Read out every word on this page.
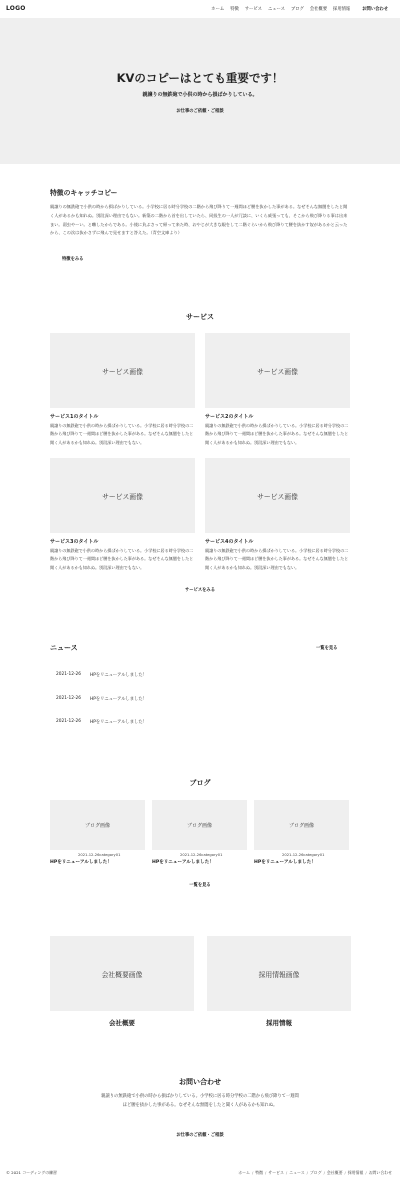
LOGO	ホーム 特徴 サービス ニュース ブログ 会社概要 採用情報	お問い合わせ
KVのコピーはとても重要です！
親譲りの無鉄砲で小供の時から損ばかりしている。
お仕事のご依頼・ご相談
特徴のキャッチコピー
親譲りの無鉄砲で小供の時から損ばかりしている。小学校に居る時分学校の二階から飛び降りて一週間ほど腰を抜かした事がある。なぜそんな無闇をしたと聞く人があるかも知れぬ。別段深い理由でもない。新築の二階から首を出していたら、同級生の一人が冗談に、いくら威張っても、そこから飛び降りる事は出来まい。弱虫やーい。と囃したからである。小使に負ぶさって帰って来た時、おやじが大きな眼をして二階ぐらいから飛び降りて腰を抜かす奴があるかと云ったから、この次は抜かさずに飛んで見せますと答えた。（青空文庫より）
特徴をみる
サービス
サービス画像
サービス1のタイトル
親譲りの無鉄砲で小供の時から損ばかりしている。小学校に居る時分学校の二階から飛び降りて一週間ほど腰を抜かした事がある。なぜそんな無闇をしたと聞く人があるかも知れぬ。別段深い理由でもない。
サービス画像
サービス2のタイトル
親譲りの無鉄砲で小供の時から損ばかりしている。小学校に居る時分学校の二階から飛び降りて一週間ほど腰を抜かした事がある。なぜそんな無闇をしたと聞く人があるかも知れぬ。別段深い理由でもない。
サービス画像
サービス3のタイトル
親譲りの無鉄砲で小供の時から損ばかりしている。小学校に居る時分学校の二階から飛び降りて一週間ほど腰を抜かした事がある。なぜそんな無闇をしたと聞く人があるかも知れぬ。別段深い理由でもない。
サービス画像
サービス4のタイトル
親譲りの無鉄砲で小供の時から損ばかりしている。小学校に居る時分学校の二階から飛び降りて一週間ほど腰を抜かした事がある。なぜそんな無闇をしたと聞く人があるかも知れぬ。別段深い理由でもない。
サービスをみる
ニュース	一覧を見る
2021-12-26 HPをリニューアルしました！
2021-12-26 HPをリニューアルしました！
2021-12-26 HPをリニューアルしました！
ブログ
ブログ画像
2021-12-26category01
HPをリニューアルしました！
ブログ画像
2021-12-26category01
HPをリニューアルしました！
ブログ画像
2021-12-26category01
HPをリニューアルしました！
一覧を見る
会社概要画像
会社概要
採用情報画像
採用情報
お問い合わせ
親譲りの無鉄砲で小供の時から損ばかりしている。小学校に居る時分学校の二階から飛び降りて一週間ほど腰を抜かした事がある。なぜそんな無闇をしたと聞く人があるかも知れぬ。
お仕事のご依頼・ご相談
© 2021 コーディングの練習	ホーム / 特徴 / サービス / ニュース / ブログ / 会社概要 / 採用情報 / お問い合わせ
